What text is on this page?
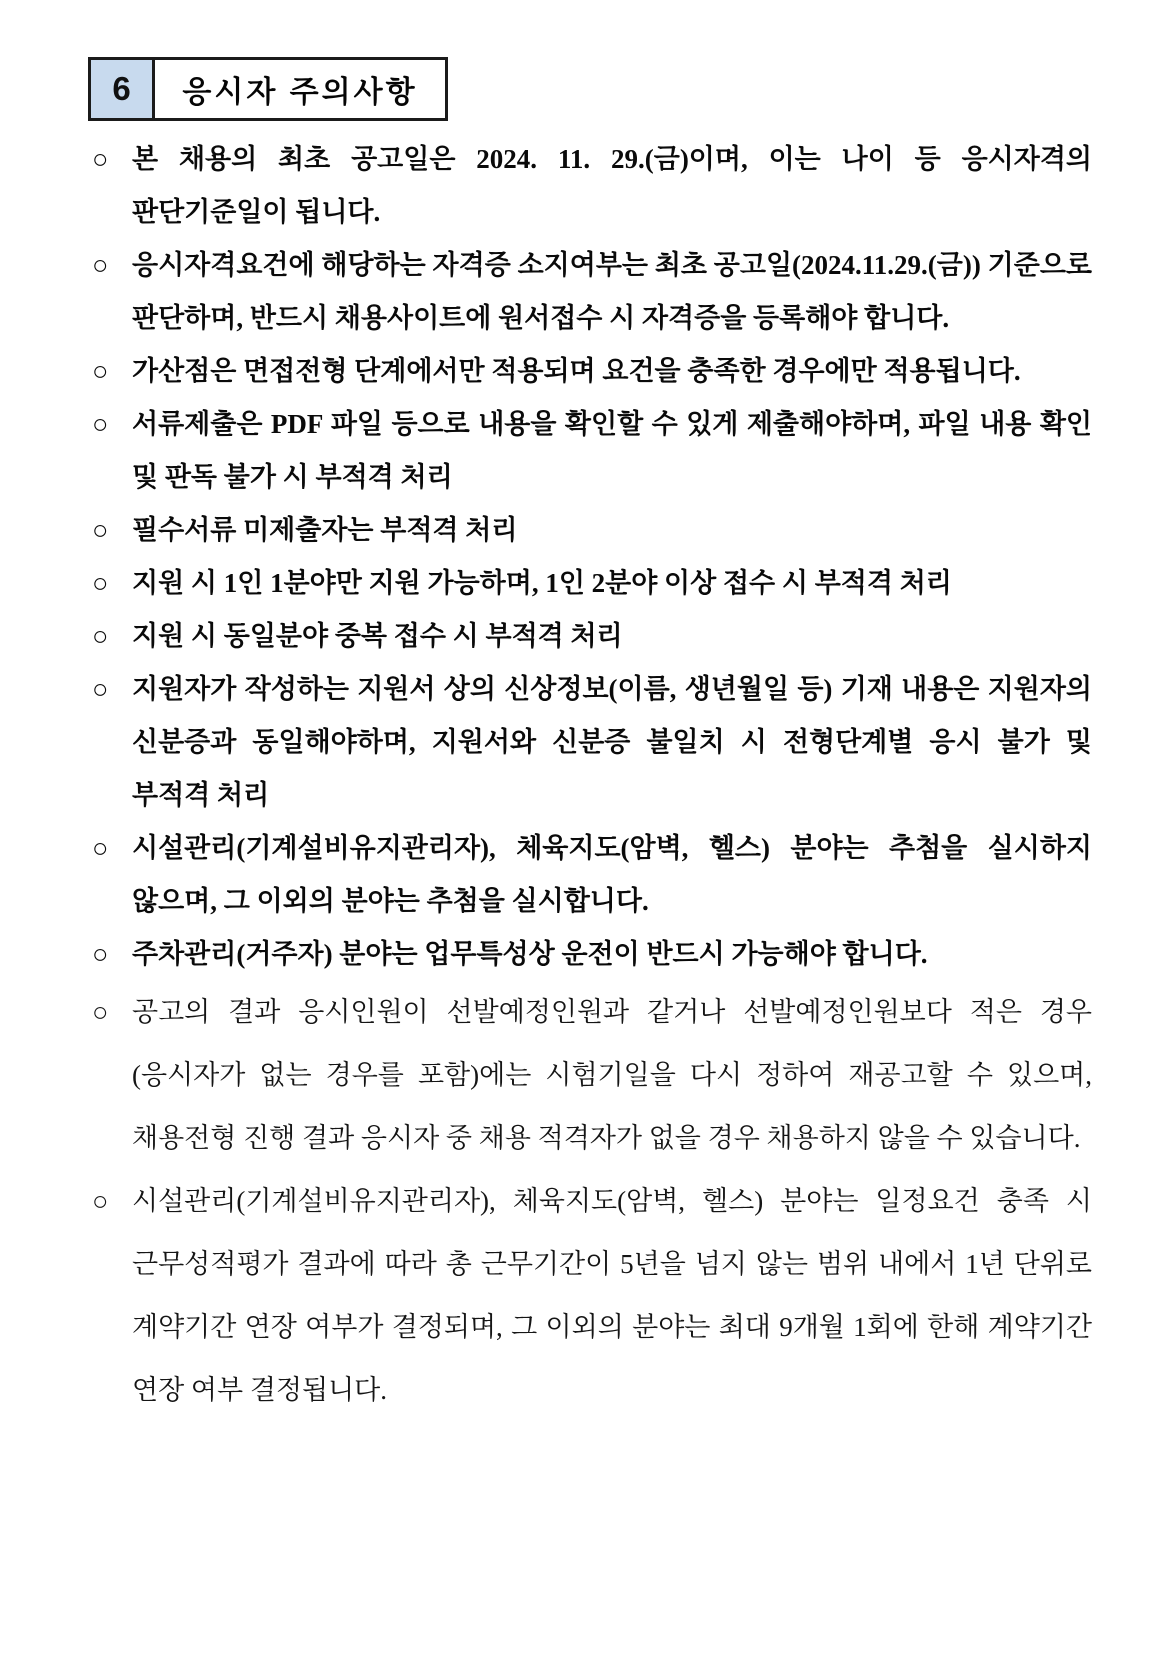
6	응시자 주의사항
○ 본 채용의 최초 공고일은 2024. 11. 29.(금)이며, 이는 나이 등 응시자격의 판단기준일이 됩니다.

○ 응시자격요건에 해당하는 자격증 소지여부는 최초 공고일(2024.11.29.(금)) 기준으로 판단하며, 반드시 채용사이트에 원서접수 시 자격증을 등록해야 합니다.

○ 가산점은 면접전형 단계에서만 적용되며 요건을 충족한 경우에만 적용됩니다.

○ 서류제출은 PDF 파일 등으로 내용을 확인할 수 있게 제출해야하며, 파일 내용 확인 및 판독 불가 시 부적격 처리

○ 필수서류 미제출자는 부적격 처리

○ 지원 시 1인 1분야만 지원 가능하며, 1인 2분야 이상 접수 시 부적격 처리

○ 지원 시 동일분야 중복 접수 시 부적격 처리

○ 지원자가 작성하는 지원서 상의 신상정보(이름, 생년월일 등) 기재 내용은 지원자의 신분증과 동일해야하며, 지원서와 신분증 불일치 시 전형단계별 응시 불가 및 부적격 처리

○ 시설관리(기계설비유지관리자), 체육지도(암벽, 헬스) 분야는 추첨을 실시하지 않으며, 그 이외의 분야는 추첨을 실시합니다.

○ 주차관리(거주자) 분야는 업무특성상 운전이 반드시 가능해야 합니다.

○ 공고의 결과 응시인원이 선발예정인원과 같거나 선발예정인원보다 적은 경우 (응시자가 없는 경우를 포함)에는 시험기일을 다시 정하여 재공고할 수 있으며, 채용전형 진행 결과 응시자 중 채용 적격자가 없을 경우 채용하지 않을 수 있습니다.

○ 시설관리(기계설비유지관리자), 체육지도(암벽, 헬스) 분야는 일정요건 충족 시 근무성적평가 결과에 따라 총 근무기간이 5년을 넘지 않는 범위 내에서 1년 단위로 계약기간 연장 여부가 결정되며, 그 이외의 분야는 최대 9개월 1회에 한해 계약기간 연장 여부 결정됩니다.
